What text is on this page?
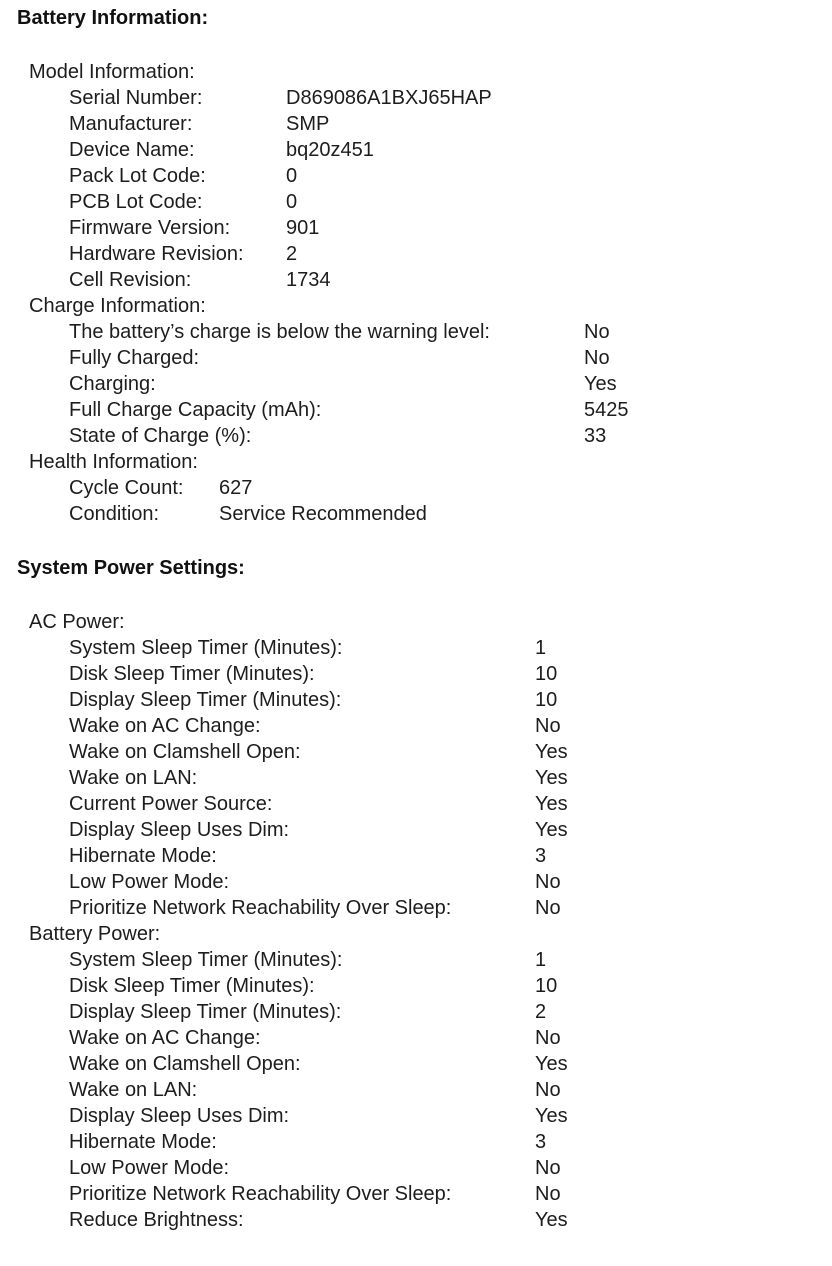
Battery Information:
Model Information:
Charge Information:
Health Information:
System Power Settings:
AC Power:
Battery Power:
Serial Number:	D869086A1BXJ65HAP
Manufacturer:	SMP
Device Name:	bq20z451
Pack Lot Code:	0
PCB Lot Code:	0
Firmware Version:	901
Hardware Revision: 2
Cell Revision:	1734
The battery’s charge is below the warning level:	No
Fully Charged:	No
Charging:	Yes
Full Charge Capacity (mAh):	5425
State of Charge (%):	33
Cycle Count: 627
Condition:	Service Recommended
System Sleep Timer (Minutes):	1
Disk Sleep Timer (Minutes):	10
Display Sleep Timer (Minutes):	10
Wake on AC Change:	No
Wake on Clamshell Open:	Yes
Wake on LAN:	Yes
Current Power Source:	Yes
Display Sleep Uses Dim:	Yes
Hibernate Mode:	3
Low Power Mode:	No
Prioritize Network Reachability Over Sleep:	No
System Sleep Timer (Minutes):	1
Disk Sleep Timer (Minutes):	10
Display Sleep Timer (Minutes):	2
Wake on AC Change:	No
Wake on Clamshell Open:	Yes
Wake on LAN:	No
Display Sleep Uses Dim:	Yes
Hibernate Mode:	3
Low Power Mode:	No
Prioritize Network Reachability Over Sleep:	No
Reduce Brightness:	Yes
